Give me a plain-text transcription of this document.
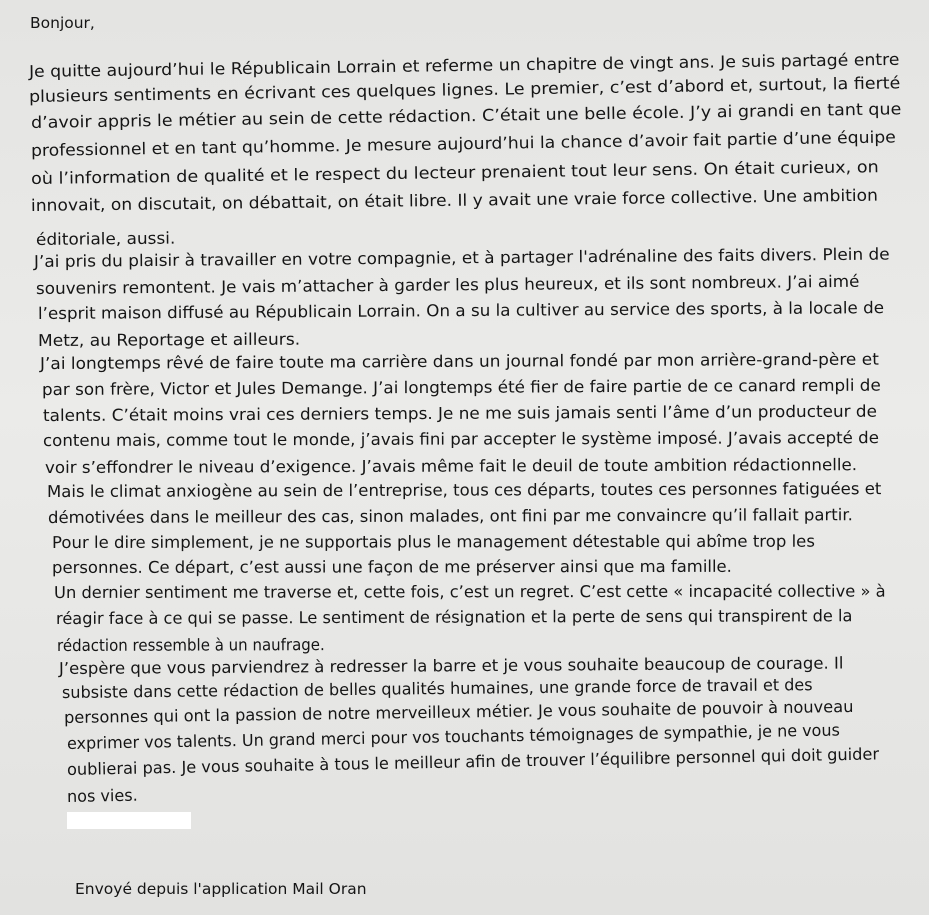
Bonjour,
Je quitte aujourd’hui le Républicain Lorrain et referme un chapitre de vingt ans. Je suis partagé entre
plusieurs sentiments en écrivant ces quelques lignes. Le premier, c’est d’abord et, surtout, la fierté
d’avoir appris le métier au sein de cette rédaction. C’était une belle école. J’y ai grandi en tant que
professionnel et en tant qu’homme. Je mesure aujourd’hui la chance d’avoir fait partie d’une équipe
où l’information de qualité et le respect du lecteur prenaient tout leur sens. On était curieux, on
innovait, on discutait, on débattait, on était libre. Il y avait une vraie force collective. Une ambition
éditoriale, aussi.
J’ai pris du plaisir à travailler en votre compagnie, et à partager l'adrénaline des faits divers. Plein de
souvenirs remontent. Je vais m’attacher à garder les plus heureux, et ils sont nombreux. J’ai aimé
l’esprit maison diffusé au Républicain Lorrain. On a su la cultiver au service des sports, à la locale de
Metz, au Reportage et ailleurs.
J’ai longtemps rêvé de faire toute ma carrière dans un journal fondé par mon arrière-grand-père et
par son frère, Victor et Jules Demange. J’ai longtemps été fier de faire partie de ce canard rempli de
talents. C’était moins vrai ces derniers temps. Je ne me suis jamais senti l’âme d’un producteur de
contenu mais, comme tout le monde, j’avais fini par accepter le système imposé. J’avais accepté de
voir s’effondrer le niveau d’exigence. J’avais même fait le deuil de toute ambition rédactionnelle.
Mais le climat anxiogène au sein de l’entreprise, tous ces départs, toutes ces personnes fatiguées et
démotivées dans le meilleur des cas, sinon malades, ont fini par me convaincre qu’il fallait partir.
Pour le dire simplement, je ne supportais plus le management détestable qui abîme trop les
personnes. Ce départ, c’est aussi une façon de me préserver ainsi que ma famille.
Un dernier sentiment me traverse et, cette fois, c’est un regret. C’est cette « incapacité collective » à
réagir face à ce qui se passe. Le sentiment de résignation et la perte de sens qui transpirent de la
rédaction ressemble à un naufrage.
J’espère que vous parviendrez à redresser la barre et je vous souhaite beaucoup de courage. Il
subsiste dans cette rédaction de belles qualités humaines, une grande force de travail et des
personnes qui ont la passion de notre merveilleux métier. Je vous souhaite de pouvoir à nouveau
exprimer vos talents. Un grand merci pour vos touchants témoignages de sympathie, je ne vous
oublierai pas. Je vous souhaite à tous le meilleur afin de trouver l’équilibre personnel qui doit guider
nos vies.
Envoyé depuis l'application Mail Oran
